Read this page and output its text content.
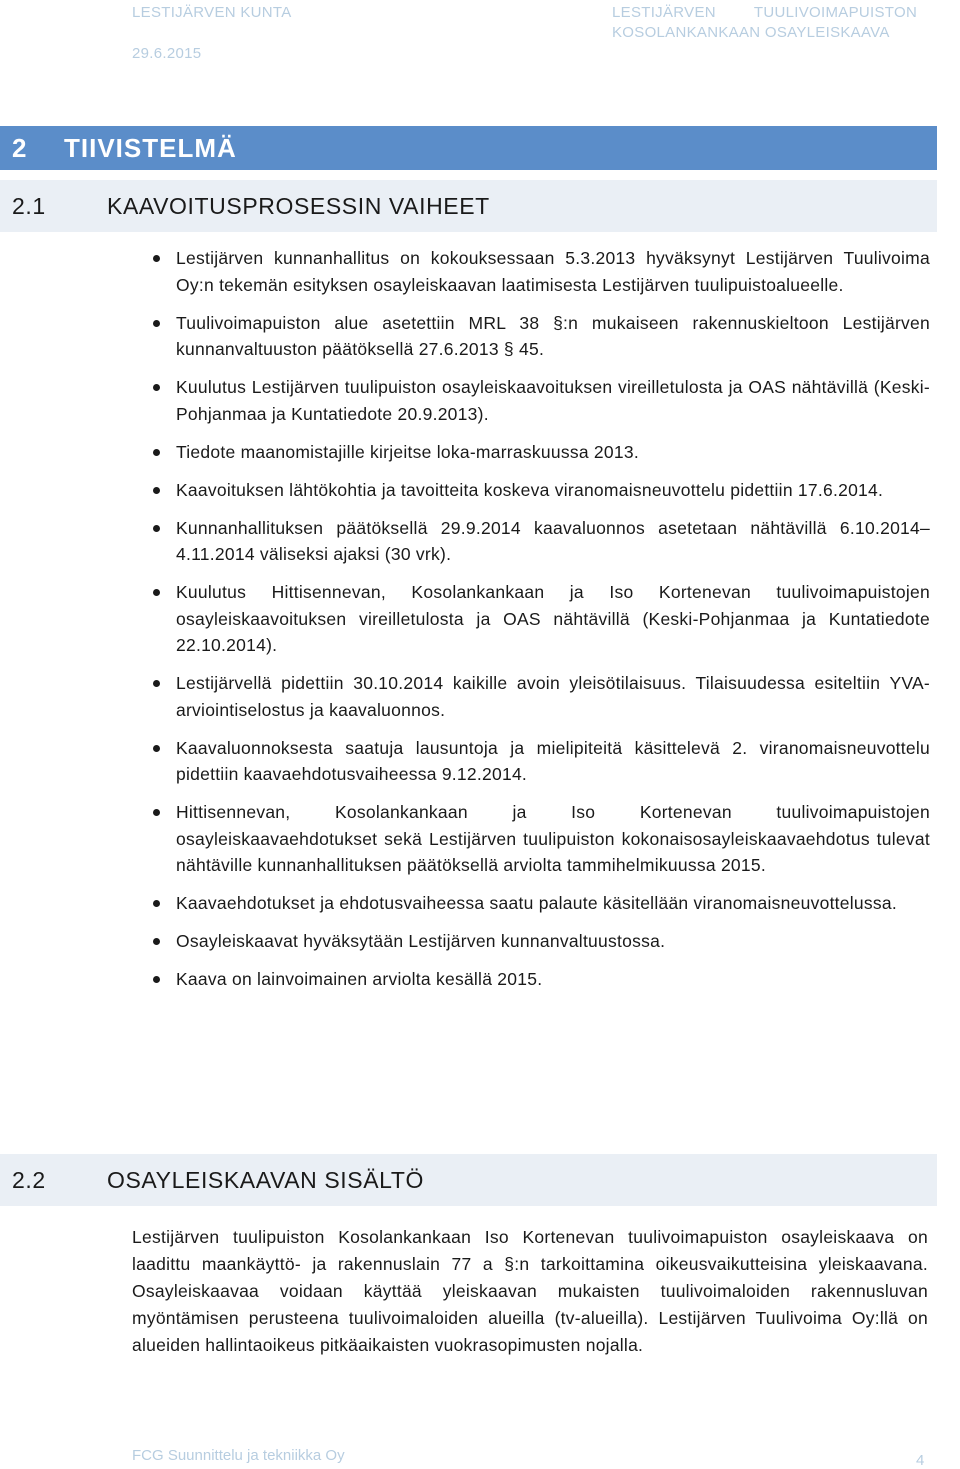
LESTIJÄRVEN KUNTA
29.6.2015
LESTIJÄRVEN	TUULIVOIMAPUISTON
KOSOLANKANKAAN OSAYLEISKAAVA
2	TIIVISTELMÄ
2.1	KAAVOITUSPROSESSIN VAIHEET
Lestijärven kunnanhallitus on kokouksessaan 5.3.2013 hyväksynyt Lestijärven Tuulivoima Oy:n tekemän esityksen osayleiskaavan laatimisesta Lestijärven tuulipuistoalueelle.
Tuulivoimapuiston alue asetettiin MRL 38 §:n mukaiseen rakennuskieltoon Lestijärven kunnanvaltuuston päätöksellä 27.6.2013 § 45.
Kuulutus Lestijärven tuulipuiston osayleiskaavoituksen vireilletulosta ja OAS nähtävillä (Keski-Pohjanmaa ja Kuntatiedote 20.9.2013).
Tiedote maanomistajille kirjeitse loka-marraskuussa 2013.
Kaavoituksen lähtökohtia ja tavoitteita koskeva viranomaisneuvottelu pidettiin 17.6.2014.
Kunnanhallituksen päätöksellä 29.9.2014 kaavaluonnos asetetaan nähtävillä 6.10.2014–4.11.2014 väliseksi ajaksi (30 vrk).
Kuulutus Hittisennevan, Kosolankankaan ja Iso Kortenevan tuulivoimapuistojen osayleiskaavoituksen vireilletulosta ja OAS nähtävillä (Keski-Pohjanmaa ja Kuntatiedote 22.10.2014).
Lestijärvellä pidettiin 30.10.2014 kaikille avoin yleisötilaisuus. Tilaisuudessa esiteltiin YVA-arviointiselostus ja kaavaluonnos.
Kaavaluonnoksesta saatuja lausuntoja ja mielipiteitä käsittelevä 2. viranomaisneuvottelu pidettiin kaavaehdotusvaiheessa 9.12.2014.
Hittisennevan, Kosolankankaan ja Iso Kortenevan tuulivoimapuistojen osayleiskaavaehdotukset sekä Lestijärven tuulipuiston kokonaisosayleiskaavaehdotus tulevat nähtäville kunnanhallituksen päätöksellä arviolta tammihelmikuussa 2015.
Kaavaehdotukset ja ehdotusvaiheessa saatu palaute käsitellään viranomaisneuvottelussa.
Osayleiskaavat hyväksytään Lestijärven kunnanvaltuustossa.
Kaava on lainvoimainen arviolta kesällä 2015.
2.2	OSAYLEISKAAVAN SISÄLTÖ

Lestijärven tuulipuiston Kosolankankaan Iso Kortenevan tuulivoimapuiston osayleiskaava on laadittu maankäyttö- ja rakennuslain 77 a §:n tarkoittamina oikeusvaikutteisina yleiskaavana. Osayleiskaavaa voidaan käyttää yleiskaavan mukaisten tuulivoimaloiden rakennusluvan myöntämisen perusteena tuulivoimaloiden alueilla (tv-alueilla). Lestijärven Tuulivoima Oy:llä on alueiden hallintaoikeus pitkäaikaisten vuokrasopimusten nojalla.

FCG Suunnittelu ja tekniikka Oy	4
